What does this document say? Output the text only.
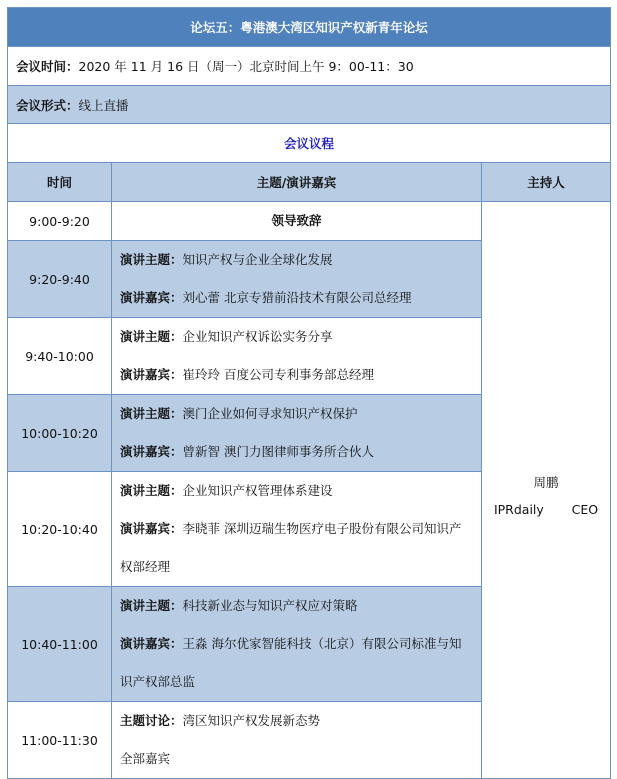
论坛五：粤港澳大湾区知识产权新青年论坛		
会议时间：2020 年 11 月 16 日（周一）北京时间上午 9：00-11：30		
会议形式：线上直播		
会议议程		
时间	主题/演讲嘉宾	主持人
9:00-9:20	领导致辞	周鹏
IPRdaily CEO

9:20-9:40	演讲主题：知识产权与企业全球化发展
演讲嘉宾：刘心蕾 北京专猎前沿技术有限公司总经理	

9:40-10:00	演讲主题：企业知识产权诉讼实务分享
演讲嘉宾：崔玲玲 百度公司专利事务部总经理	

10:00-10:20	演讲主题：澳门企业如何寻求知识产权保护
演讲嘉宾：曾新智 澳门力图律师事务所合伙人	

10:20-10:40	演讲主题：企业知识产权管理体系建设
演讲嘉宾：李晓菲 深圳迈瑞生物医疗电子股份有限公司知识产权部经理	

10:40-11:00	演讲主题：科技新业态与知识产权应对策略
演讲嘉宾：王淼 海尔优家智能科技（北京）有限公司标准与知识产权部总监	

11:00-11:30	主题讨论：湾区知识产权发展新态势
全部嘉宾	
